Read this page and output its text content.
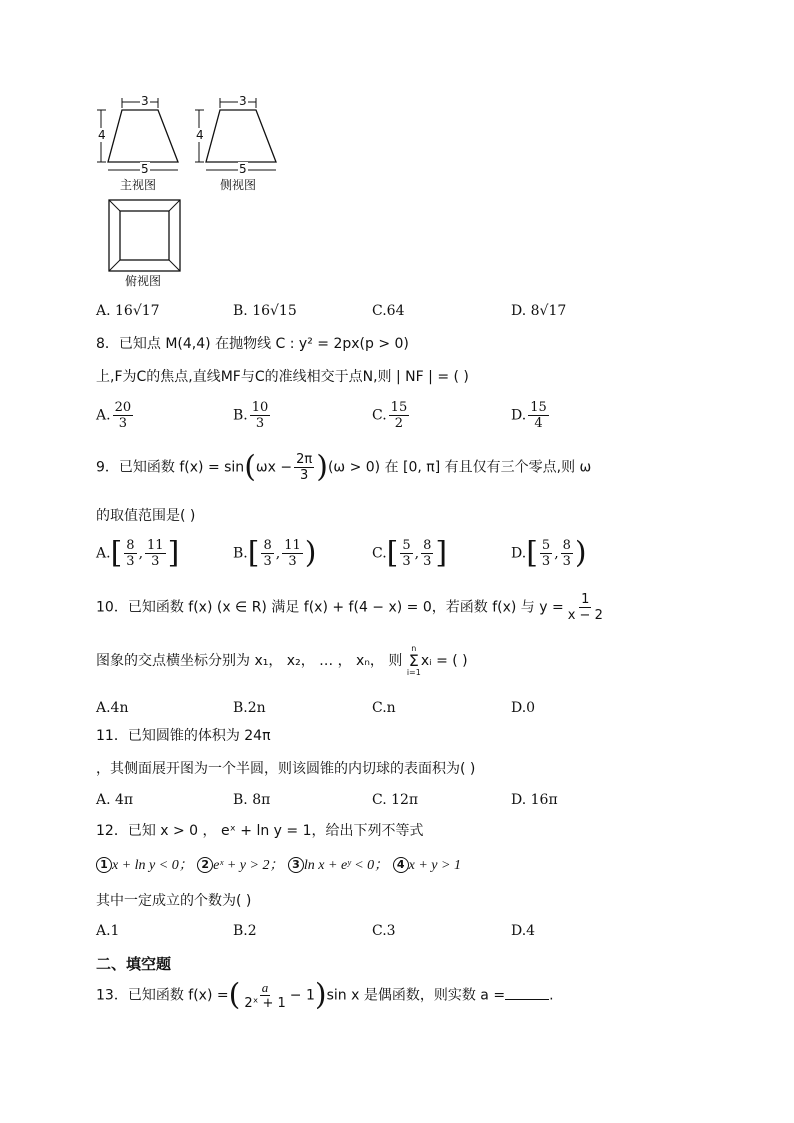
3
4
5
主视图
3
4
5
侧视图
俯视图
A. 16√17	B. 16√15	C.64	D. 8√17
8．已知点 M(4,4) 在抛物线 C : y² = 2px(p > 0)
上,F为C的焦点,直线MF与C的准线相交于点N,则 | NF | = ( )
A. $\frac{20}{3}$	B. $\frac{10}{3}$	C. $\frac{15}{2}$	D. $\frac{15}{4}$
9．已知函数 $f(x) = \sin(\omega x - \frac{2\pi}{3} )(\omega > 0)$ 在 [0, π] 有且仅有三个零点,则 ω
的取值范围是( )
$A.[ \frac{8}{3}$ , $\frac{11}{3}$ ]	$B.[ \frac{8}{3}$ , $\frac{11}{3}$ )	$C.[ \frac{5}{3}$ , $\frac{8}{3}$ ]	$D.[ \frac{5}{3}$ , $\frac{8}{3}$ )
10．已知函数 f(x) (x ∈ R) 满足 f(x) + f(4 − x) = 0，若函数 f(x) 与 $y = \frac{1}{x - 2}$
图象的交点横坐标分别为 x₁， x₂， … ， xₙ， 则
n
Σ
i=1
xᵢ = ( )
A.4n	B.2n	C.n	D.0
11．已知圆锥的体积为 24π
，其侧面展开图为一个半圆，则该圆锥的内切球的表面积为( )
A. 4π	B. 8π	C. 12π	D. 16π
12．已知 x > 0 ， eˣ + ln y = 1，给出下列不等式
1 x + ln y < 0； 2 eˣ + y > 2； 3 ln x + eʸ < 0； 4 x + y > 1
其中一定成立的个数为( )
A.1	B.2	C.3	D.4
二、填空题
13．已知函数 f(x) =( $\frac{a}{\text{2ˣ + 1}} - 1)\sin$ x 是偶函数，则实数 a =	.
